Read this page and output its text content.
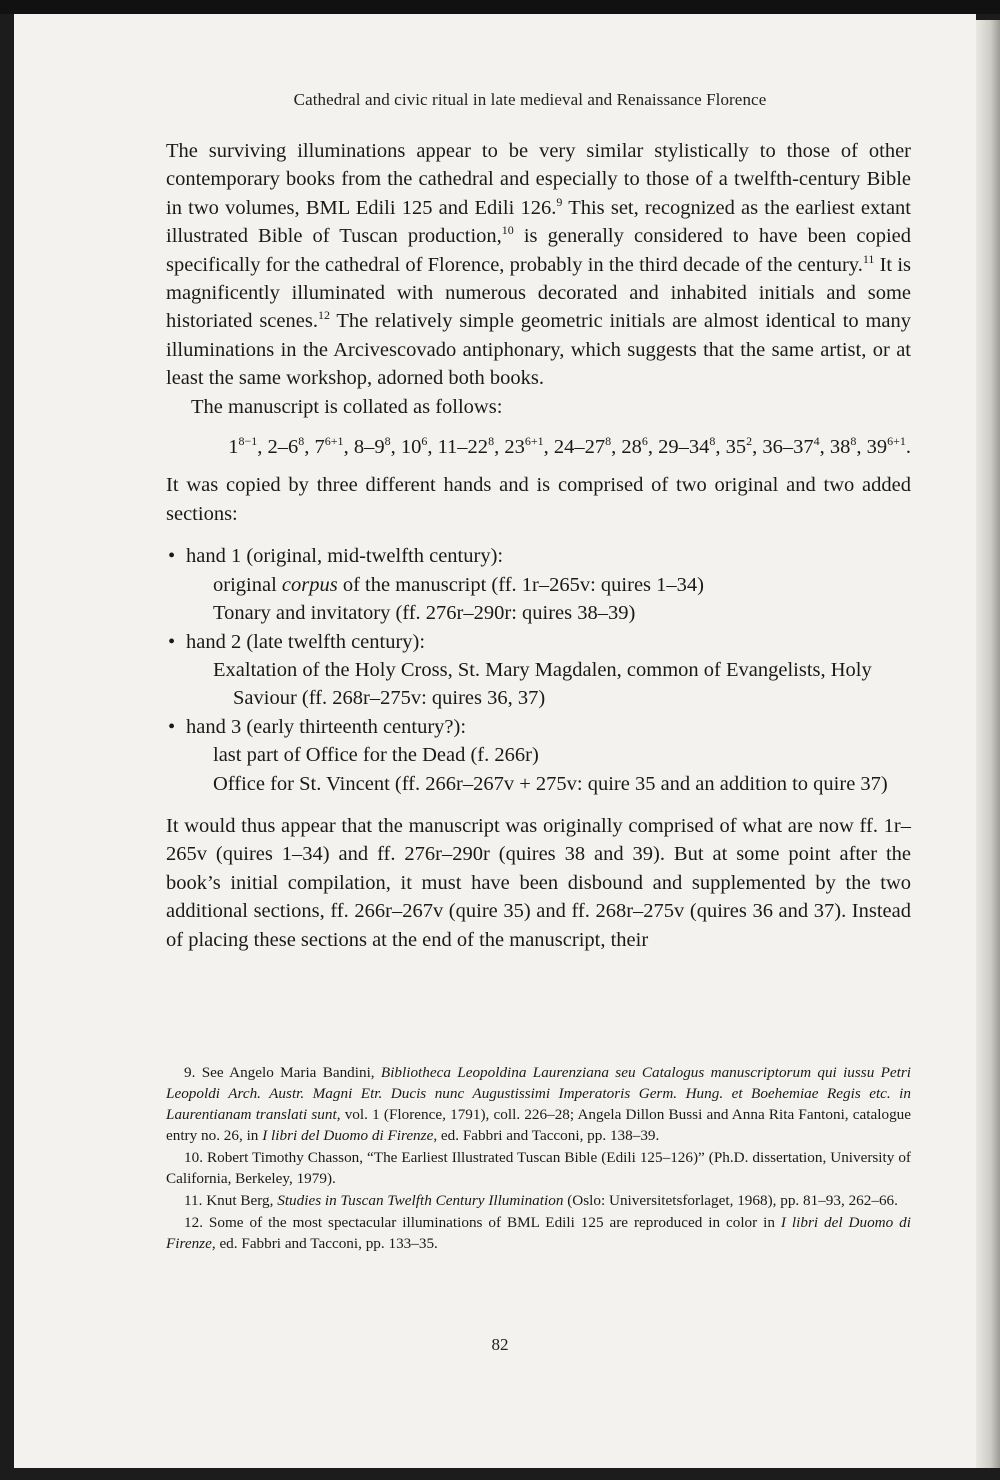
Cathedral and civic ritual in late medieval and Renaissance Florence

The surviving illuminations appear to be very similar stylistically to those of other contemporary books from the cathedral and especially to those of a twelfth-century Bible in two volumes, BML Edili 125 and Edili 126.$^9$ This set, recognized as the earliest extant illustrated Bible of Tuscan production,$^{10}$ is generally considered to have been copied specifically for the cathedral of Florence, probably in the third decade of the century.$^{11}$ It is magnificently illuminated with numerous decorated and inhabited initials and some historiated scenes.$^{12}$ The relatively simple geometric initials are almost identical to many illuminations in the Arcivescovado antiphonary, which suggests that the same artist, or at least the same workshop, adorned both books.

The manuscript is collated as follows:

$1^{8-1}$, $2-6^8$, $7^{6+1}$, $8-9^8$, $10^6$, $11-22^8$, $23^{6+1}$, $24-27^8$, $28^6$, $29-34^8$, $35^2$, $36-37^4$, $38^8$, $39^{6+1}$.

It was copied by three different hands and is comprised of two original and two added sections:

• hand 1 (original, mid-twelfth century):
original corpus of the manuscript (ff. 1r–265v: quires 1–34)
Tonary and invitatory (ff. 276r–290r: quires 38–39)
• hand 2 (late twelfth century):
Exaltation of the Holy Cross, St. Mary Magdalen, common of Evangelists, Holy Saviour (ff. 268r–275v: quires 36, 37)
• hand 3 (early thirteenth century?):
last part of Office for the Dead (f. 266r)
Office for St. Vincent (ff. 266r–267v + 275v: quire 35 and an addition to quire 37)

It would thus appear that the manuscript was originally comprised of what are now ff. 1r–265v (quires 1–34) and ff. 276r–290r (quires 38 and 39). But at some point after the book’s initial compilation, it must have been disbound and supplemented by the two additional sections, ff. 266r–267v (quire 35) and ff. 268r–275v (quires 36 and 37). Instead of placing these sections at the end of the manuscript, their

9. See Angelo Maria Bandini, Bibliotheca Leopoldina Laurenziana seu Catalogus manuscriptorum qui iussu Petri Leopoldi Arch. Austr. Magni Etr. Ducis nunc Augustissimi Imperatoris Germ. Hung. et Boehemiae Regis etc. in Laurentianam translati sunt, vol. 1 (Florence, 1791), coll. 226–28; Angela Dillon Bussi and Anna Rita Fantoni, catalogue entry no. 26, in I libri del Duomo di Firenze, ed. Fabbri and Tacconi, pp. 138–39.

10. Robert Timothy Chasson, “The Earliest Illustrated Tuscan Bible (Edili 125–126)” (Ph.D. dissertation, University of California, Berkeley, 1979).

11. Knut Berg, Studies in Tuscan Twelfth Century Illumination (Oslo: Universitetsforlaget, 1968), pp. 81–93, 262–66.

12. Some of the most spectacular illuminations of BML Edili 125 are reproduced in color in I libri del Duomo di Firenze, ed. Fabbri and Tacconi, pp. 133–35.

82
